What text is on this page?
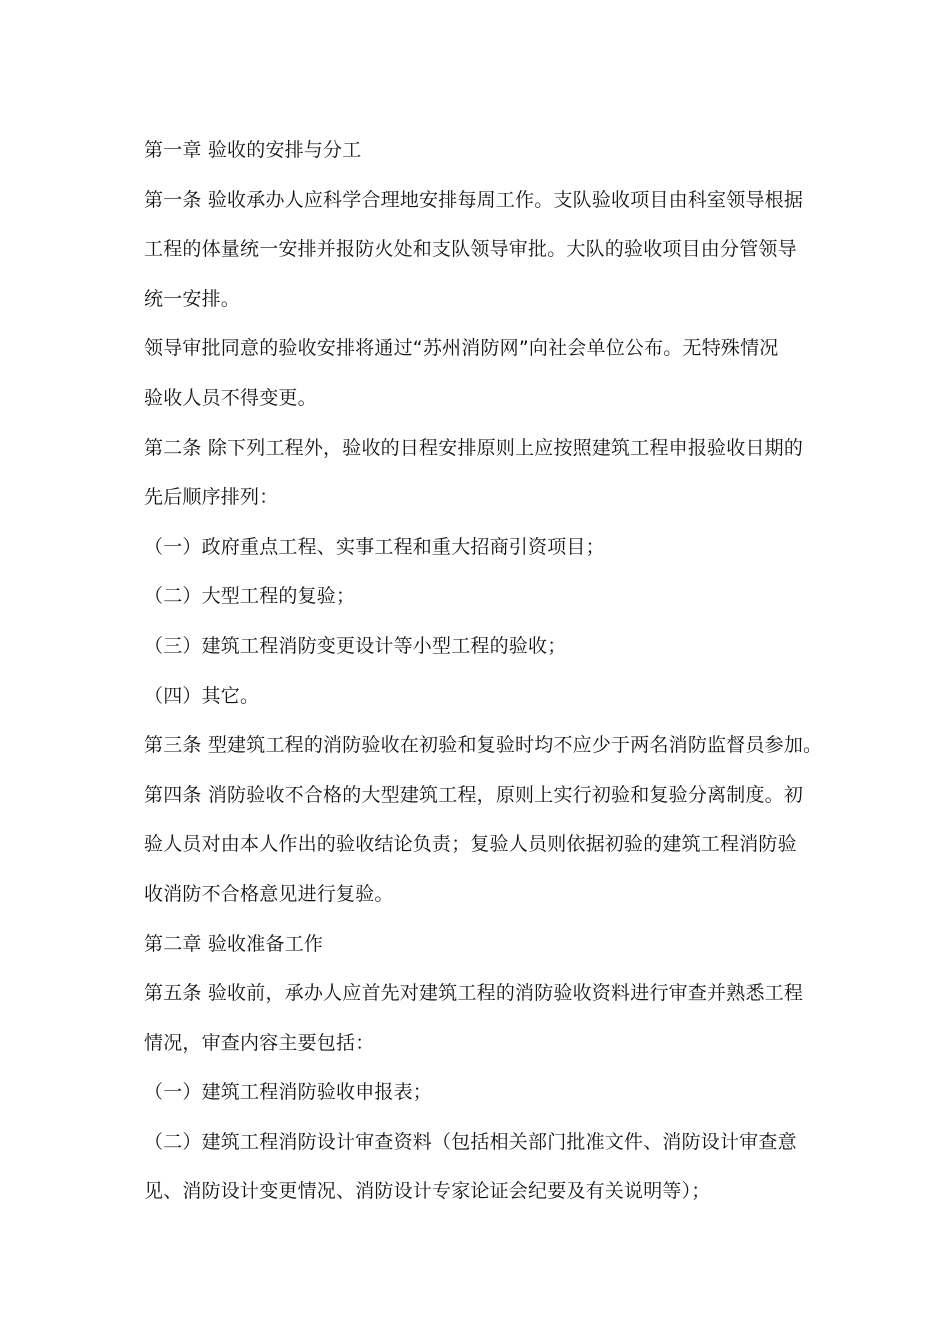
第一章 验收的安排与分工
第一条 验收承办人应科学合理地安排每周工作。支队验收项目由科室领导根据
工程的体量统一安排并报防火处和支队领导审批。大队的验收项目由分管领导
统一安排。
领导审批同意的验收安排将通过“苏州消防网”向社会单位公布。无特殊情况
验收人员不得变更。
第二条 除下列工程外，验收的日程安排原则上应按照建筑工程申报验收日期的
先后顺序排列：
（一）政府重点工程、实事工程和重大招商引资项目；
（二）大型工程的复验；
（三）建筑工程消防变更设计等小型工程的验收；
（四）其它。
第三条 型建筑工程的消防验收在初验和复验时均不应少于两名消防监督员参加。
第四条 消防验收不合格的大型建筑工程，原则上实行初验和复验分离制度。初
验人员对由本人作出的验收结论负责；复验人员则依据初验的建筑工程消防验
收消防不合格意见进行复验。
第二章 验收准备工作
第五条 验收前，承办人应首先对建筑工程的消防验收资料进行审查并熟悉工程
情况，审查内容主要包括：
（一）建筑工程消防验收申报表；
（二）建筑工程消防设计审查资料（包括相关部门批准文件、消防设计审查意
见、消防设计变更情况、消防设计专家论证会纪要及有关说明等）；
